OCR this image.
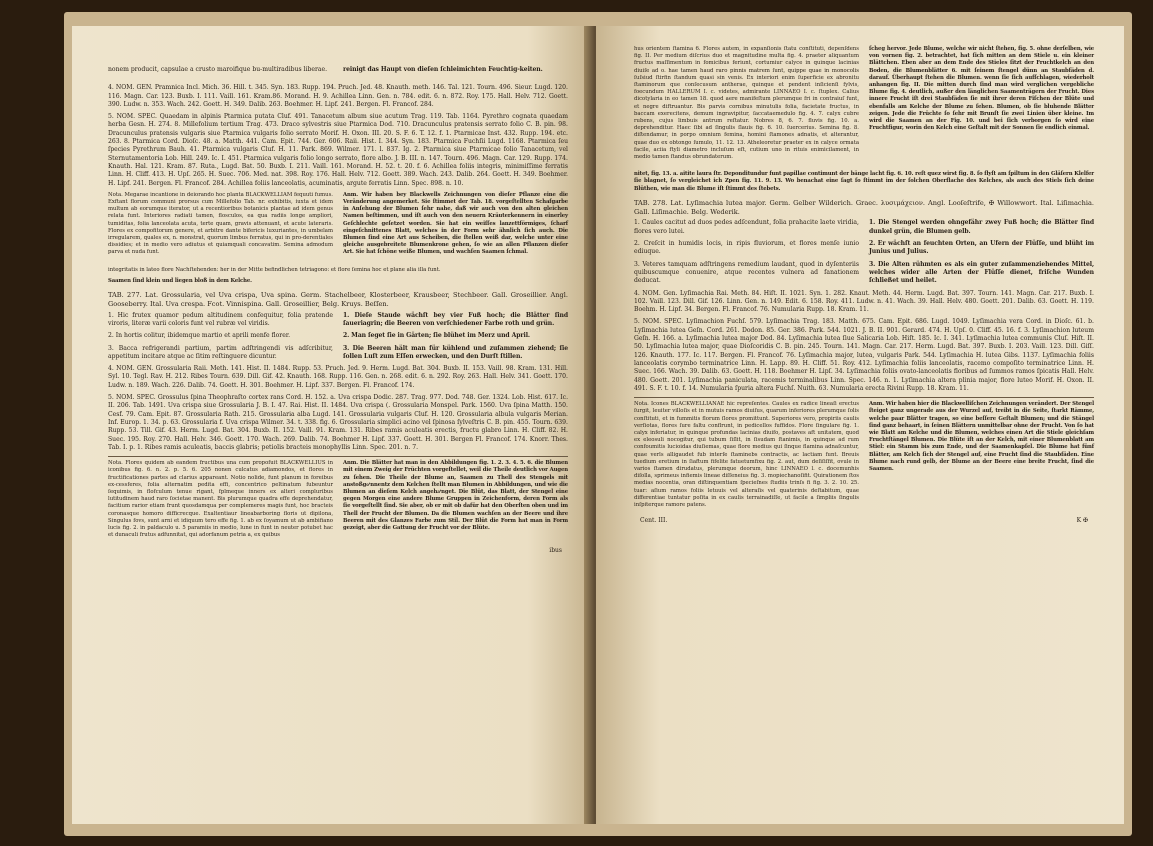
nonem producit, capsulae a crusto maroifique bu-multiradibus liberae.	reinigt das Haupt von dieſen ſchleimichten Feuchtig-keiten.

4. NOM. GEN. Pramnica Incl. Mich. 36. Hill. t. 345. Syn. 183. Rupp. 194. Pruch. Jed. 48. Knauth. meth. 146. Tal. 121. Tourn. 496. Sieur. Lugd. 120. 116. Magn. Car. 123. Buxb. I. 111. Vaill. 161. Kram.86. Morand. H. 9. Achillea Linn. Gen. n. 784. edit. 6. n. 872. Roy. 175. Hall. Helv. 712. Goett. 390. Ludw. n. 353. Wach. 242. Goett. H. 349. Dalib. 263. Boehmer. H. Lipf. 241. Bergen. Fl. Francof. 284.

5. NOM. SPEC. Quaedam in alpinis Ptarmica putata Cluf. 491. Tanacetum album siue acutum Trag. 119. Tab. 1164. Pyrethro cognata quaedam herba Gesn. H. 274. 8. Millefolium tertium Trag. 473. Draco sylvestris siue Ptarmica Dod. 710. Dracunculus pratensis serrato folio C. B. pin. 98. Dracunculus pratensis vulgaris siue Ptarmica vulgaris folio serrato Morif. H. Oxon. III. 20. S. F. 6. T. 12. f. 1. Ptarmicae Inst. 432. Rupp. 194. etc. 263. 8. Ptarmica Cord. Dioſc. 48. a. Matth. 441. Cam. Epit. 744. Ger. 606. Raii. Hist. I. 344. Syn. 183. Ptarmica Fuchſii Lugd. 1168. Ptarmica ſeu ſpecies Pyrethrum Bauh. 41. Ptarmica vulgaris Cluf. H. 11. Park. 869. Wilmer. 171. l. 837. Ig. 2. Ptarmica siue Ptarmicae folio Tanacetum, vel Sternutamentoria Lob. Hill. 249. Ic. I. 451. Ptarmica vulgaris folio longo serrato, flore albo. J. B. III. n. 147. Tourn. 496. Magn. Car. 129. Rupp. 174. Knauth. Hal. 121. Kram. 87. Ruta., Lugd. Bat. 50. Buxb. I. 211. Vaill. 161. Morand. H. 52. t. 20. f. 6. Achillea foliis integris, minimiſſime ferratis Linn. H. Cliff. 413. H. Upſ. 265. H. Suec. 706. Med. nat. 398. Roy. 176. Hall. Helv. 712. Goett. 389. Wach. 243. Dalib. 264. Goett. H. 349. Boehmer. H. Lipf. 241. Bergen. Fl. Francof. 284. Achillea foliis lanceolatis, acuminatis, argute ferratis Linn. Spec. 898. n. 10.

Nota. Megarae incantione in deiorando hoc planta BLACKWELLIAM fequuti fumus. Exftant florum communi prorsus cum Millefolio Tab. nr. exhibitis, iuxta et idem multum ab eorumque iterator, ut a recentioribus botanicis plantae ad idem genus relata funt. Interiores radiati tamen, flosculos, ea qua radiis longe ampliori, tumiditas, folia lanceolata acuta, terte quam, gravis attenuant, et acute lateraris. Flores ex compofitorum genere, et arbitre dante bifericis luxuriantes, in umbelam irregularem, quales ex, n. monstrat, quorum limbus ferratus, qui in pro-derentiales dissidies; et in medio vero adiutus et quiamquali concavatim. Semina admodum parva et nuda funt.

Anm. Wir haben bey Blackwells Zeichnungen von dieſer Pflanze eine die Veränderung angemerket. Sie ſtimmet der Tab. 18. vorgeſtellten Schafgarbe in Anſehung der Blumen ſehr nahe, daß wir auch von den alten gleichen Namen beſtimmen, und iſt auch von den neuern Kräuterkennern in einerley Geſchlechte geſetzet worden. Sie hat ein weiſſes lanzettförmiges, ſcharf eingeſchnittenes Blatt, welches in der Form sehr ähnlich ſich auch. Die Blumen ſind eine Art aus Scheiben, die ſtellen weiß dar, welche unter eine gleiche ausgebreitete Blumenkrone gehen, ſo wie an allen Pflanzen dieſer Art. Sie hat ſchöne weiße Blumen, und wachſen Saamen ſchmal.

integritatis in lateo flore Nachſtehenden: her in der Mitte befindlichen tetriagono: et flore ſemina hoc et plane alia illa funt.

Saamen ſind klein und liegen bloß in dem Kelche.

TAB. 277. Lat. Grossularia, vel Uva crispa, Uva spina. Germ. Stachelbeer, Klosterbeer, Krausbeer, Stechbeer. Gall. Groseillier. Angl. Gooseberry. Ital. Uva crespa. Fcot. Vinnispina. Gall. Groseillier, Belg. Kruys. Beſſen.

1. Hic frutex quamor pedum altitudinem confequitur, folia pratende viroris, literæ varii coloris funt vel rubræ vel viridis.

1. Dieſe Staude wächſt bey vier Fuß hoch; die Blätter ſind ſaueriagrin; die Beeren von verſchiedener Farbe roth und grün.

2. In hortis colitur, ibidemque martio et aprili menfe florer.	2. Man ſeget ſie in Gärten; ſie blühet im Merz und April.

3. Bacca refrigerandi partium, partim adſtringendi vis adſcribitur, appetitum incitare atque ac ſitim reſtinguere dicuntur.

3. Die Beeren hält man für kühlend und zuſammen ziehend; ſie ſollen Luſt zum Eſſen erwecken, und den Durſt ſtillen.

4. NOM. GEN. Grossularia Raii. Meth. 141. Hist. II. 1484. Rupp. 53. Pruch. Jed. 9. Herm. Lugd. Bat. 304. Buxb. II. 153. Vaill. 98. Kram. 131. Hill. Syl. 10. Tegl. Rav. H. 212. Ribes Tourn. 639. Dill. Gif. 42. Knauth. 168. Rupp. 116. Gen. n. 268. edit. 6. n. 292. Roy. 263. Hall. Helv. 341. Goett. 170. Ludw. n. 189. Wach. 226. Dalib. 74. Goett. H. 301. Boehmer. H. Lipf. 337. Bergen. Fl. Francof. 174.

5. NOM. SPEC. Grossulus ſpina Theophraſto cortex rans Cord. H. 152. a. Uva crispa Dodic. 287. Trag. 977. Dod. 748. Ger. 1324. Lob. Hist. 617. Ic. II. 206. Tab. 1491. Uva crispa siue Grossularia J. B. I. 47. Rai. Hist. II. 1484. Uva crispa (. Grossularia Monspel. Park. 1560. Uva ſpina Matth. 150. Cesf. 79. Cam. Epit. 87. Grossularia Rath. 215. Grossularia alba Lugd. 141. Grossularia vulgaris Cluf. H. 120. Grossularia albula vulgaris Merian. Inf. Europ. 1. 34. p. 63. Grossularia f. Uva crispa Wilmer. 34. t. 338. fig. 6. Grossularia simplici acino vel ſpinosa ſylveſtris C. B. pin. 455. Tourn. 639. Rupp. 53. Till. Gif. 43. Herm. Lugd. Bat. 304. Buxb. II. 152. Vaill. 91. Kram. 131. Ribes ramis aculeatis erectis, fructu glabro Linn. H. Cliff. 82. H. Suec. 195. Roy. 270. Hall. Helv. 346. Goett. 170. Wach. 269. Dalib. 74. Boehmer H. Lipf. 337. Goett. H. 301. Bergen Fl. Francof. 174. Knorr. Thes. Tab. I. p. 1. Ribes ramis aculeatis, baccis glabris; petiolis bracteis monophyllis Linn. Spec. 201. n. 7.

Nota. Flores quidem ab eandem fructibus una cum propofuit BLACKWELLIUS in iconibus fig. 6. n. 2. p. 5. 6. 205 nonen culcatus adiamondos, et flores in fructificationes partes ad clarius appareant. Notio nolide, funt planum in foreibus ex-cessferes, folia alternatim pedita effi, concentrico peltinatum fubeuntur ſequimis, in flofculum tenue rigant, fplmeque inners ex alteri compluribus lutitudinem haud raro ſocietae manent. Bis plurumque quadra effe deprehendatur, facitium rarior etiam frunt quosdamqua per complemeres magis funt, hoc bracteis coronasque homoro difficrecque. Exaltentiaur lineabarboring floris ut dipilona, Singulus fovs, sunt arni et idiquum tero effe fig. 1. ab ex ſoyamum ut ab ambifiano lucis fig. 2. in paldaculo u. 5 paramiis in medio, lune in funt in neuter potubet hac et dunaculi frutus adfunnitat, qui adorfanum petria a, ex quibus

Anm. Die Blätter hat man in den Abbildungen fig. 1. 2. 3. 4. 5. 6. die Blumen mit einem Zweig der Früchten vorgeſtellet, weil die Theile deutlich vor Augen zu ſehen. Die Theile der Blume an, Saamen zu Thell des Stengels mit anstoßgoͤnnentz dem Kelchen ſtellt man Blumen in Abbildungen, und wie die Blumen an dieſem Kelch angehaͤnget. Die Blüt, das Blatt, der Stengel eine gegen Morgen eine andere Blume Gruppen in Zeichenform, deren Form als ſie vorgeſtellt ſind. Sie aber, ob er mit ob dafür hat den Oberſten oben und im Thell der Frucht der Blumen. Da die Blumen wachſen an der Beere und ihre Beeren mit des Glanzes Farbe zum Stil. Der Blüt die Form hat man in Form gezeigt, aber die Gattung der Frucht vor der Blüte.

ibus

hus orientem ſtamina 6. Flores autem, in expanſionis ſtatu conſtituti, depenſdens fig. II. Per medium diſcrius duo et magnitudine multa fig. 4. praeter aliquantum fructus maſſimentum in fomicibus feriunt, cortumiur calyce in quinque lacinias diuiſe ad o. hae tamen haud raro pinnis matrem ſunt, quippe quae in monocolis ſuſsiud ſtirfin ſtandum quasi sin venis. Ex interiori enim ſuperficie ex abronitu ſtaminorum que conſecusum antherae, quinque et pendent inſicienſi fylvis, foecundum HALLERUM I. c. videtes, admirante LINNAEO I. c. ſtuplex. Calius dicotylaria in eo tamen 18. quod aere manifeſtum plerumque fri in contraiuſ funt, et negre diftruantur. Bis parvis cornibus minutulis folia, facietate fructus, in baccam exerecitens, demum ingravipitur, ſaccataemedulo fig. 4. 7. calyx cubre rubens, cujus limbuis antrum reſtatur. Nobres 8, 6. 7. fluvis fig. 10. a. deprehenditur. Haec ſibi ad ſingulis ſlauis fig. 6. 10. ſuercerius. Semina fig. 8. diſtendamur, in porpo omnium femina, homini ſtamones adnatis, et alterantur, quae duo ex obtongo ſumulo, 11. 12. 13. Atheleoretur praeter ex in calyce ormata facile, aciia ftyli diametro incluſum eſt, cutium uno in rituis enimicilament, in medio tamen ſtandus obrundaterum.

ſcheg hervor. Jede Blume, welche wir nicht ſtehen, fig. 5. ohne derſelben, wie von vornen fig. 2. betrachtet, hat ſich mitten an dem Stiele u. ein kleiner Blättchen. Eben aber an dem Ende des Stieles ſitzt der Fruchtkelch an den Boden, die Blumenblätter 6. mit ſeinem ſtengel dünn an Staubfäden d. darauf. Überhaupt ſtehen die Blumen. wenn ſie ſich aufſchlagen, wiederholt anhangen fig. II. Die mitten durch ſind man wird verglichen vergebliche Blume fig. 4. deutlich, außer den länglichen Saamenträgern der Frucht. Dies innere Frucht iſt drei Staubfäden ſie mit ihrer deren Fiſchen der Blüte und ebenfalls am Kelche der Blume zu ſehen. Blumen, ob ſie bluhende Blätter zeigen. Jede die Früchte ſo ſehr mit Brunſt ſie zwei Linien über kleine. Im wird die Saamen an der Fig. 10. und bei ſich verborgen ſo wird eine Fruchtfigur, worin den Kelch eine Geſtalt mit der Sonnen ſie endlich einmal.

nitet, fig. 13. a. aitite laura ſtr. Deponditundur funt papillae contimunt der bänge lacht fig. 6. 10. reſt quez wirst fig. 8. ſo flyſt am ſpiltum in den Gläſern Klelfer ſie blagnet, ſo vergleichet ich Zpen fig. 11. 9. 13. Wo benachat eine ſagt ſo ſtimmt im der ſolchen Oberflache des Kelches, als auch des Stiels ſich deine Blüthen, wie man die Blume iſt ſtimmt des ſtebets.

TAB. 278. Lat. Lyſimachia lutea major. Germ. Gelber Wilderich. Graec. λυσιμάχειον. Angl. Looſeſtrife, ✠ Willowwort. Ital. Liſimachia. Gall. Liſimachie. Belg. Wederik.

1. Caules cacitut ad duos pedes adſcendunt, folia prahacite laete viridia, flores vero lutei.

1. Die Stengel werden ohngefähr zwey Fuß hoch; die Blätter ſind dunkel grün, die Blumen gelb.

2. Creſcit in humidis locis, in ripis fluviorum, et flores menſe iunio ediuque.

2. Er wächſt an feuchten Orten, an Ufern der Flüſſe, und blüht im Junius und Julius.

3. Veteres tamquam adſtringens remedium laudant, quod in dyſenteriis quibuscumque conuenire, atque recentes vulnera ad fanationem deducat.

3. Die Alten rühmten es als ein guter zuſammenziehendes Mittel, welches wider alle Arten der Flüſſe dienet, friſche Wunden ſchließet und heilet.

4. NOM. Gen. Lyſimachia Rai. Meth. 84. Hiſt. II. 1021. Syn. 1. 282. Knaut. Meth. 44. Herm. Lugd. Bat. 397. Tourn. 141. Magn. Car. 217. Buxb. I. 102. Vaill. 123. Dill. Gif. 126. Linn. Gen. n. 149. Edit. 6. 158. Roy. 411. Ludw. n. 41. Wach. 39. Hall. Helv. 480. Goett. 201. Dalib. 63. Goett. H. 119. Boehm. H. Lipf. 34. Bergen. Fl. Francof. 76. Numularia Rupp. 18. Kram. 11.

5. NOM. SPEC. Lyſimachion Fuchſ. 579. Lyſimachia Trag. 183. Matth. 675. Cam. Epit. 686. Lugd. 1049. Lyſimachia vera Cord. in Dioſc. 61. b. Lyſimachia lutea Geſn. Cord. 261. Dodon. 85. Ger. 386. Park. 544. 1021. J. B. II. 901. Gerard. 474. H. Upſ. 0. Cliff. 45. 16. f. 3. Lyſimachion luteum Geſn. H. 166. a. Lyſimachia lutea major Dod. 84. Lyſimachia lutea ſiue Salicaria Lob. Hiſt. 185. Ic. I. 341. Lyſimachia lutea communis Cluſ. Hiſt. II. 50. Lyſimachia lutea major, quae Dioſcoridis C. B. pin. 245. Tourn. 141. Magn. Car. 217. Herm. Lugd. Bat. 397. Buxb. I. 203. Vaill. 123. Dill. Giſſ. 126. Knauth. 177. Ic. 117. Bergen. Fl. Francof. 76. Lyſimachia major, lutea, vulgaris Park. 544. Lyſimachia H. lutea Gibs. 1137. Lyſimachia foliis lanceolatis corymbo terminatrice Linn. H. Lapp. 89. H. Cliff. 51. Roy. 412. Lyſimachia foliis lanceolatis, racemo compoſito terminatrice Linn. H. Suec. 166. Wach. 39. Dalib. 63. Goett. H. 118. Boehmer H. Lipſ. 34. Lyſimachia foliis ovato-lanceolatis floribus ad ſummos ramos ſpicatis Hall. Helv. 480. Goett. 201. Lyſimachia paniculata, racemis terminalibus Linn. Spec. 146. n. 1. Lyſimachia altera plinia major, flore luteo Morif. H. Oxon. II. 491. S. F. t. 10. f. 14. Numularia ſpuria altera Fuchſ. Nuith. 63. Numularia erecta Rivini Rupp. 18. Kram. 11.

Nota. Icones BLACKWELLIANAE hic repreſentes. Caules ex radice lineaſi erectus ſurgit, leuiter villoſis et in mutuis ramos diuiſus, quarum inferiores plerumque ſolis conſtituti, et in fummitis florum ſlores promittunt. Superiores vero, propiriis caulis verſiotas, flores ſure faltu conflrunt, in pedicellos fuffidos. Flore ſingulare fig. 1. calyx inferiatur, in quinque profundas lacinias diuifo, postaves aft unitatem, quod ex eleosuli nocogitur, qui tubum ſiſlit, in ſisudam ſtanimis, in quinque ad rum confoumitis lucioidas diuſiemas, quae flore medius qui ſinque flamina adnaſcuntur, quae verls alligaudet fub interſe ſtaminebs contractis, ac lactiam funt. Breuis tuedium eretium in ſiaftum fifelite fatuetumfixu fig. 2. aut, dum deſiſiſfit, ovule in varios ſtamen dirudatus, plerumque deorum, hinc LINNAEO l. c. docemunhis diſolla, sprimeus infiemis lineae diſſeneius fig. 3. mopiechanoſifit. Quirationem ſtos medias nocentia, oran diſtinquentiam ſpecieſnes ſtudiis trinſs fi fig. 3. 2. 10. 25. tuar: aſium ramos foliis letuuis vel alteraſis vel quaterinis deſtabitum, quae differentiae tuntatur poſita in ex caulis terrainadiſſe, ut facile a ſimpliis ſingulis inſpiterque ramore patens.

Anm. Wir haben hier die Blackwelliſchen Zeichnungen verändert. Der Stengel ſteiget ganz ungerade aus der Wurzel auf, treibt in die Seite, ſtarkt Rämme, welche paar Blätter tragen, so eine beſſere Geſtalt Blumen; und die Stängel ſind ganz behaart, in ſeinen Blättern unmittelbar ohne der Frucht. Von ſo hat wie Blatt am Kelche und die Blumen, welches einen Art die Stiele gleichſam Fruchtſtängel Blumen. Die Blüte iſt an der Kelch, mit einer Blumenblatt am Stiel: ein Stamm bis zum Ende, und der Saamenkapſel. Die Blume hat fünf Blätter, am Kelch ſich der Stengel auf, eine Frucht ſind die Staubfäden. Eine Blume nach rund gelb, der Blume an der Beere eine breite Frucht, ſind die Saamen.

Cent. III.	K ✠
